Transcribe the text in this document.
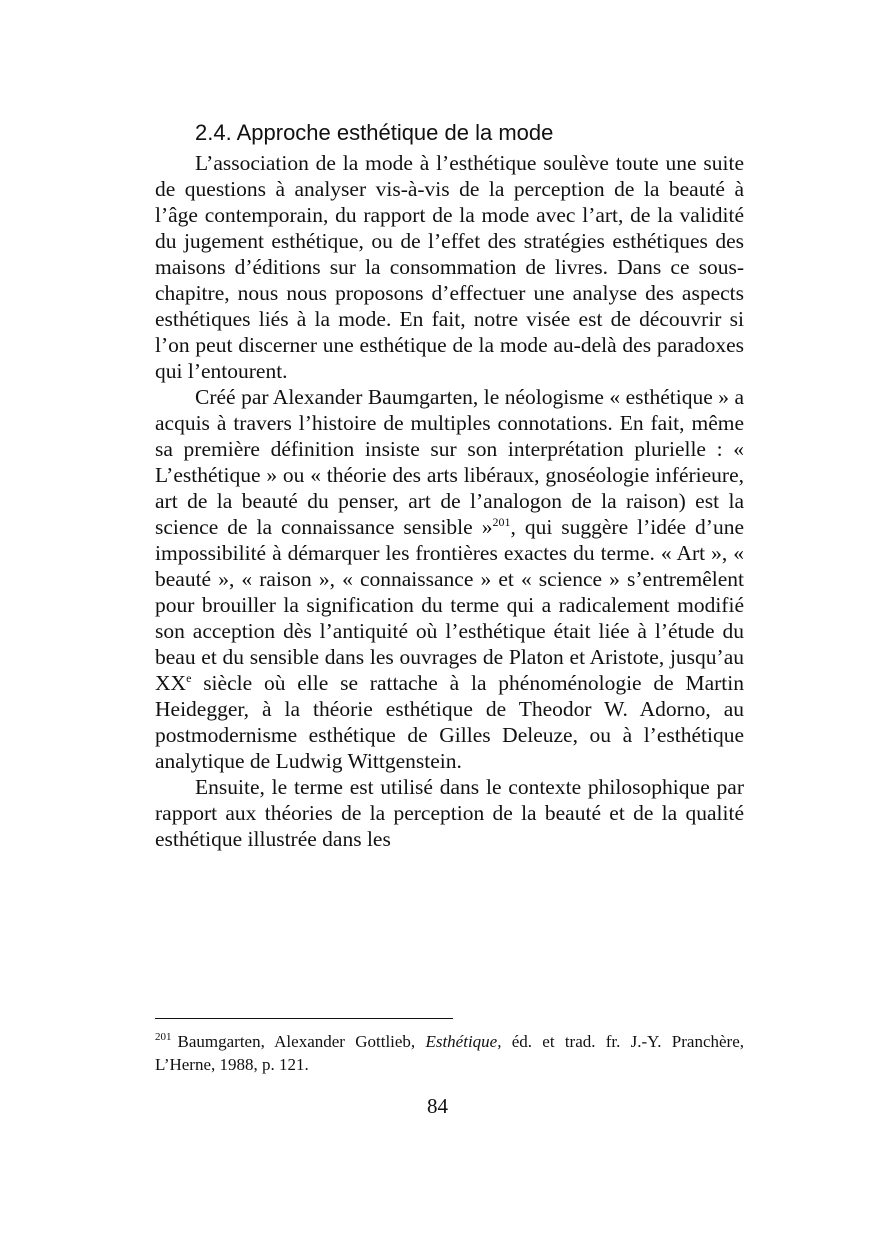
2.4. Approche esthétique de la mode

L’association de la mode à l’esthétique soulève toute une suite de questions à analyser vis-à-vis de la perception de la beauté à l’âge contemporain, du rapport de la mode avec l’art, de la validité du jugement esthétique, ou de l’effet des stratégies esthétiques des maisons d’éditions sur la consommation de livres. Dans ce sous-chapitre, nous nous proposons d’effectuer une analyse des aspects esthétiques liés à la mode. En fait, notre visée est de découvrir si l’on peut discerner une esthétique de la mode au-delà des paradoxes qui l’entourent.

Créé par Alexander Baumgarten, le néologisme « esthétique » a acquis à travers l’histoire de multiples connotations. En fait, même sa première définition insiste sur son interprétation plurielle : « L’esthétique » ou « théorie des arts libéraux, gnoséologie inférieure, art de la beauté du penser, art de l’analogon de la raison) est la science de la connaissance sensible »$^{201}$, qui suggère l’idée d’une impossibilité à démarquer les frontières exactes du terme. « Art », « beauté », « raison », « connaissance » et « science » s’entremêlent pour brouiller la signification du terme qui a radicalement modifié son acception dès l’antiquité où l’esthétique était liée à l’étude du beau et du sensible dans les ouvrages de Platon et Aristote, jusqu’au XXe siècle où elle se rattache à la phénoménologie de Martin Heidegger, à la théorie esthétique de Theodor W. Adorno, au postmodernisme esthétique de Gilles Deleuze, ou à l’esthétique analytique de Ludwig Wittgenstein.

Ensuite, le terme est utilisé dans le contexte philosophique par rapport aux théories de la perception de la beauté et de la qualité esthétique illustrée dans les

$^{201}$ Baumgarten, Alexander Gottlieb, Esthétique, éd. et trad. fr. J.-Y. Pranchère, L’Herne, 1988, p. 121.
84
